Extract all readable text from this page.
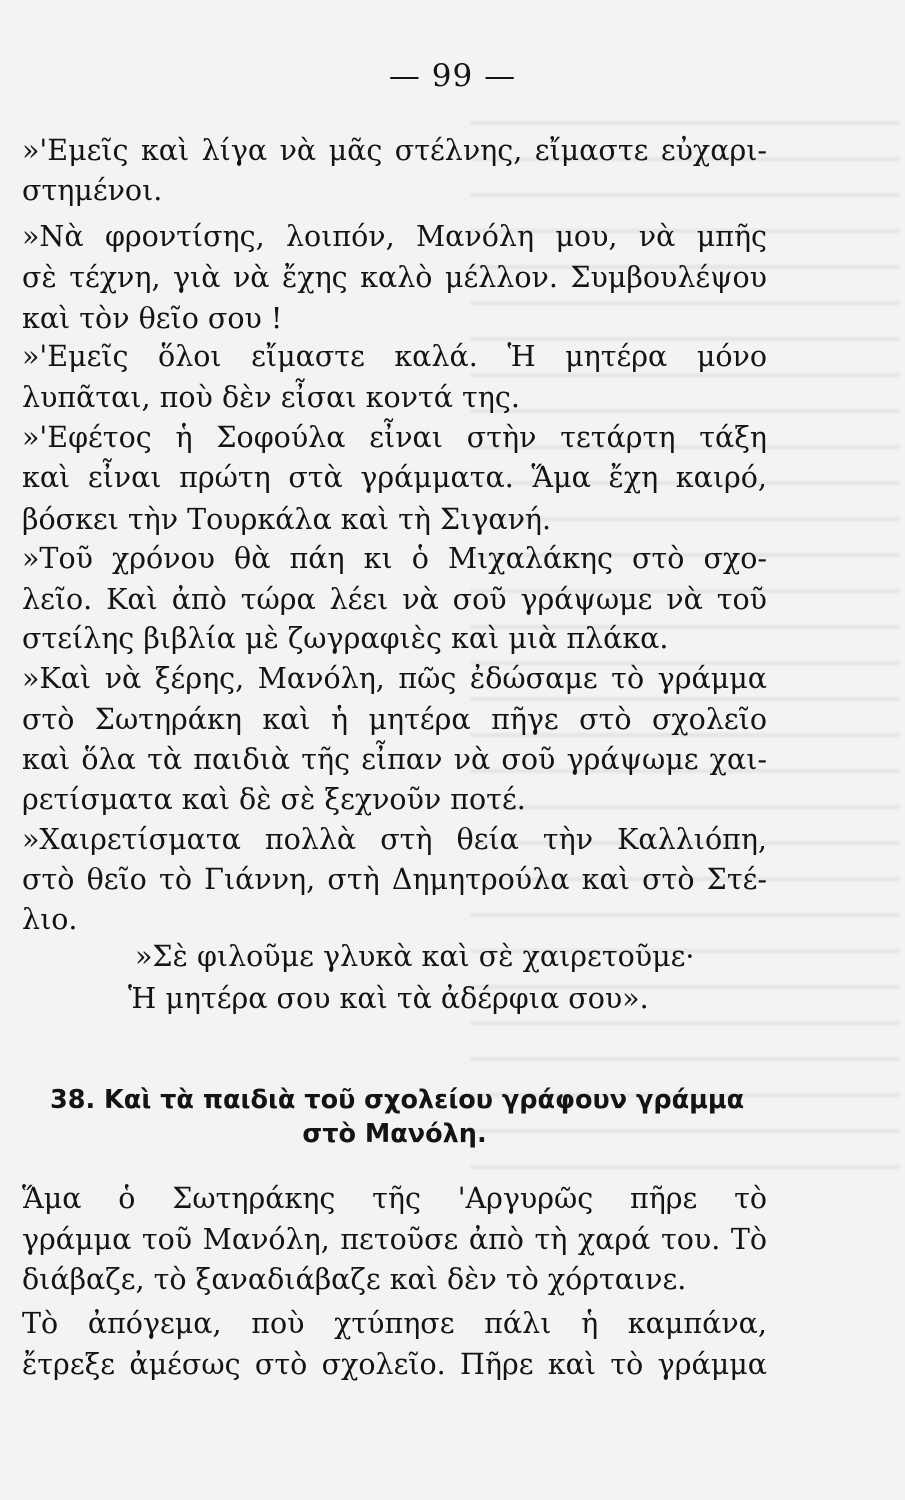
— 99 —
»'Εμεῖς καὶ λίγα νὰ μᾶς στέλνης, εἴμαστε εὐχαρι-
στημένοι.
»Νὰ φροντίσης, λοιπόν, Μανόλη μου, νὰ μπῆς
σὲ τέχνη, γιὰ νὰ ἔχης καλὸ μέλλον. Συμβουλέψου
καὶ τὸν θεῖο σου !
»'Εμεῖς ὅλοι εἴμαστε καλά. Ἡ μητέρα μόνο
λυπᾶται, ποὺ δὲν εἶσαι κοντά της.
»'Εφέτος ἡ Σοφούλα εἶναι στὴν τετάρτη τάξη
καὶ εἶναι πρώτη στὰ γράμματα. Ἅμα ἔχη καιρό,
βόσκει τὴν Τουρκάλα καὶ τὴ Σιγανή.
»Τοῦ χρόνου θὰ πάη κι ὁ Μιχαλάκης στὸ σχο-
λεῖο. Καὶ ἀπὸ τώρα λέει νὰ σοῦ γράψωμε νὰ τοῦ
στείλης βιβλία μὲ ζωγραφιὲς καὶ μιὰ πλάκα.
»Καὶ νὰ ξέρης, Μανόλη, πῶς ἐδώσαμε τὸ γράμμα
στὸ Σωτηράκη καὶ ἡ μητέρα πῆγε στὸ σχολεῖο
καὶ ὅλα τὰ παιδιὰ τῆς εἶπαν νὰ σοῦ γράψωμε χαι-
ρετίσματα καὶ δὲ σὲ ξεχνοῦν ποτέ.
»Χαιρετίσματα πολλὰ στὴ θεία τὴν Καλλιόπη,
στὸ θεῖο τὸ Γιάννη, στὴ Δημητρούλα καὶ στὸ Στέ-
λιο.
»Σὲ φιλοῦμε γλυκὰ καὶ σὲ χαιρετοῦμε·
Ἡ μητέρα σου καὶ τὰ ἀδέρφια σου».
38. Καὶ τὰ παιδιὰ τοῦ σχολείου γράφουν γράμμα
στὸ Μανόλη.
Ἅμα ὁ Σωτηράκης τῆς 'Αργυρῶς πῆρε τὸ
γράμμα τοῦ Μανόλη, πετοῦσε ἀπὸ τὴ χαρά του. Τὸ
διάβαζε, τὸ ξαναδιάβαζε καὶ δὲν τὸ χόρταινε.
Τὸ ἀπόγεμα, ποὺ χτύπησε πάλι ἡ καμπάνα,
ἔτρεξε ἀμέσως στὸ σχολεῖο. Πῆρε καὶ τὸ γράμμα
